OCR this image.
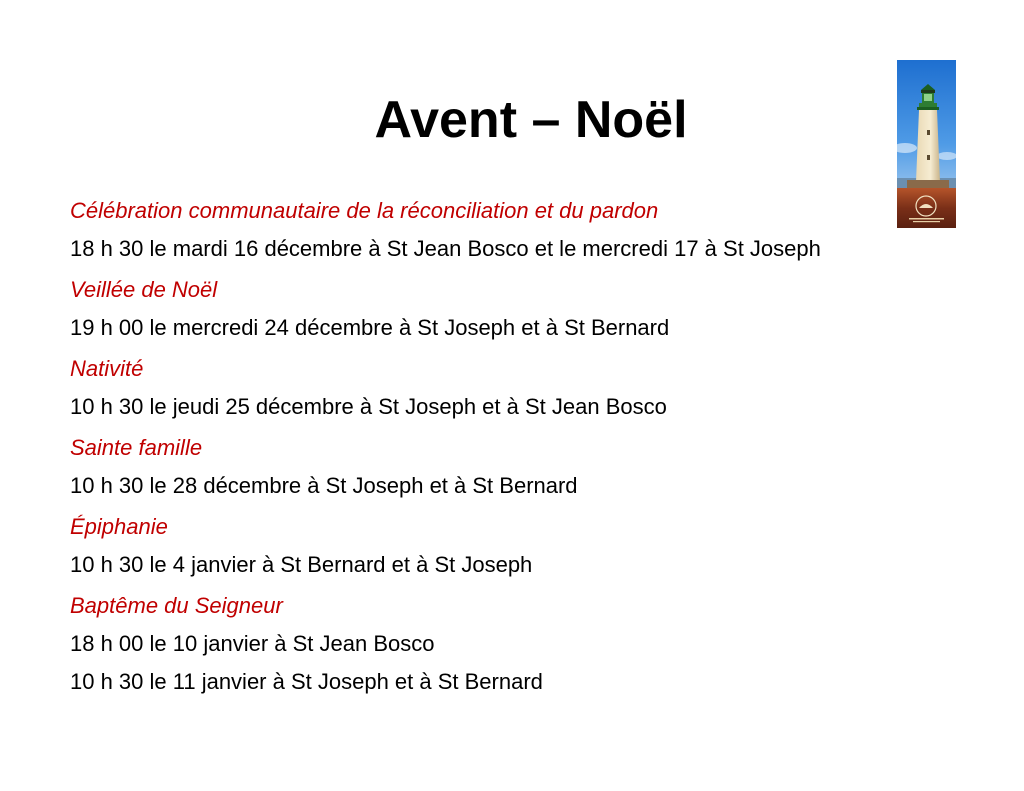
Avent – Noël

Célébration communautaire de la réconciliation et du pardon

18 h 30 le mardi 16 décembre à St Jean Bosco et le mercredi 17 à St Joseph

Veillée de Noël

19 h 00 le mercredi 24 décembre à St Joseph et à St Bernard

Nativité

10 h 30 le jeudi 25 décembre à St Joseph et à St Jean Bosco

Sainte famille

10 h 30 le 28 décembre à St Joseph et à St Bernard

Épiphanie

10 h 30 le 4 janvier à St Bernard et à St Joseph

Baptême du Seigneur

18 h 00 le 10 janvier à St Jean Bosco

10 h 30 le 11 janvier à St Joseph et à St Bernard
